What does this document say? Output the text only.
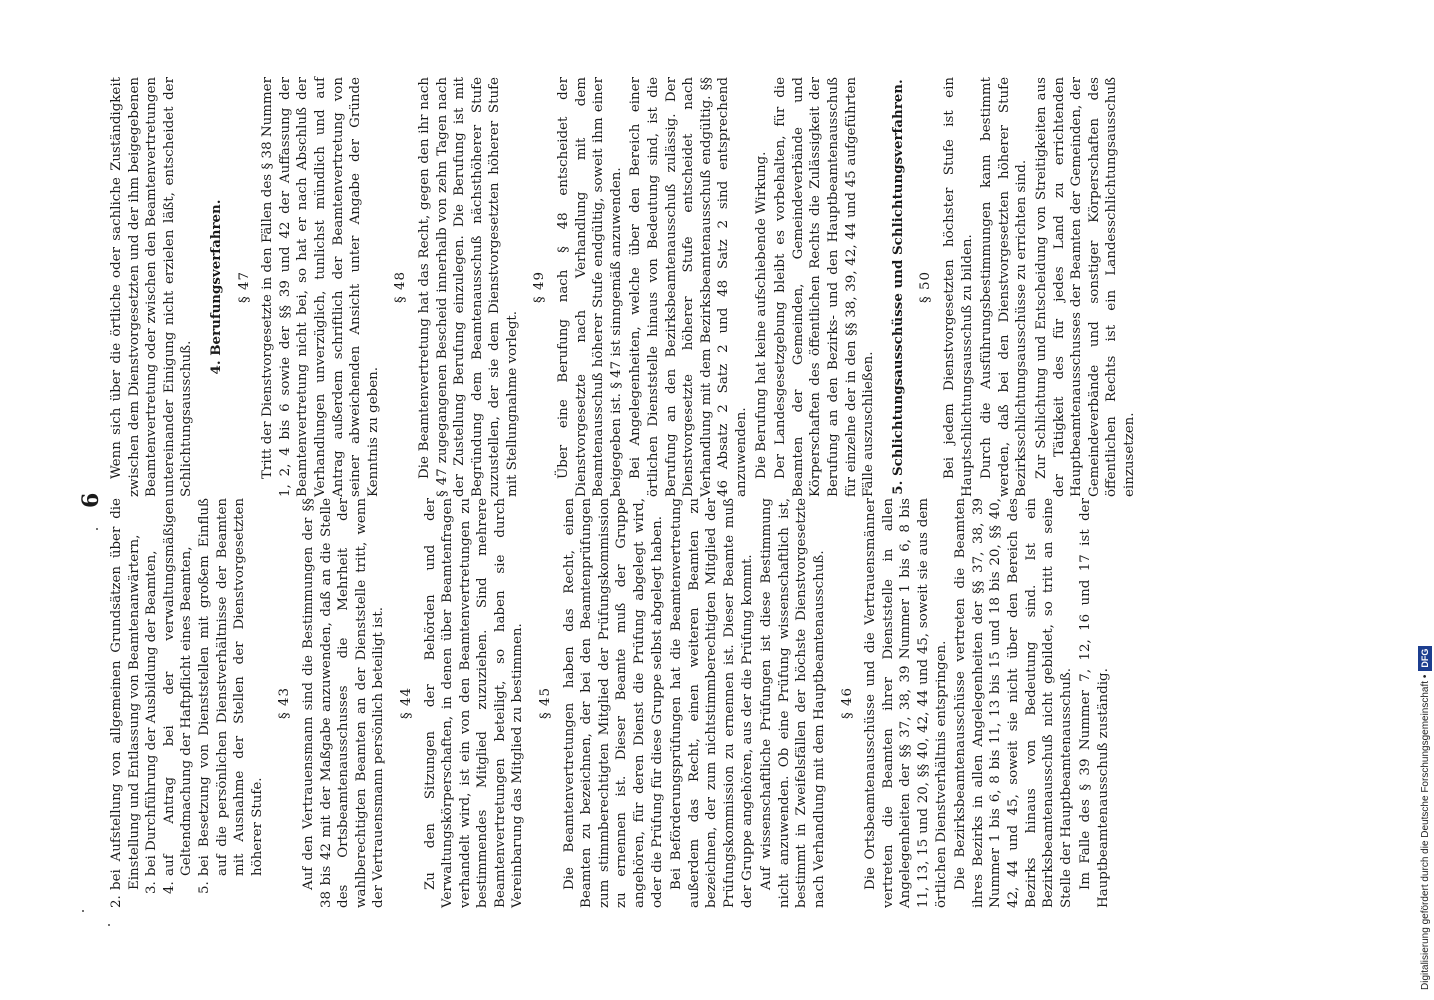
6
2.
bei Aufstellung von allgemeinen Grundsätzen über die Einstellung und Entlassung von Beamtenanwärtern, 3.
bei Durchführung der Ausbildung der Beamten,
4.
auf Antrag bei der verwaltungsmäßigen Geltendmachung der Haftpflicht eines Beamten,
5.
bei Besetzung von Dienststellen mit großem Einfluß auf die persönlichen Dienstverhältnisse der Beamten mit Ausnahme der Stellen der Dienstvorgesetzten höherer Stufe.
§ 43 Auf den Vertrauensmann sind die Bestimmungen der §§ 38 bis 42 mit der Maßgabe anzuwenden, daß an die Stelle des Ortsbeamtenausschusses die Mehrheit der wahlberechtigten Beamten an der Dienststelle tritt, wenn der Vertrauensmann persönlich beteiligt ist. § 44 Zu den Sitzungen der Behörden und der Verwaltungskörperschaften, in denen über Beamtenfragen verhandelt wird, ist ein von den Beamtenvertretungen zu bestimmendes Mitglied zuzuziehen. Sind mehrere Beamtenvertretungen beteiligt, so haben sie durch Vereinbarung das Mitglied zu bestimmen. § 45 Die Beamtenvertretungen haben das Recht, einen Beamten zu bezeichnen, der bei den Beamtenprüfungen zum stimmberechtigten Mitglied der Prüfungskommission zu ernennen ist. Dieser Beamte muß der Gruppe angehören, für deren Dienst die Prüfung abgelegt wird, oder die Prüfung für diese Gruppe selbst abgelegt haben. Bei Beförderungsprüfungen hat die Beamtenvertretung außerdem das Recht, einen weiteren Beamten zu bezeichnen, der zum nichtstimmberechtigten Mitglied der Prüfungskommission zu ernennen ist. Dieser Beamte muß der Gruppe angehören, aus der die Prüfung kommt. Auf wissenschaftliche Prüfungen ist diese Bestimmung nicht anzuwenden. Ob eine Prüfung wissenschaftlich ist, bestimmt in Zweifelsfällen der höchste Dienstvorgesetzte nach Verhandlung mit dem Hauptbeamtenausschuß. § 46 Die Ortsbeamtenausschüsse und die Vertrauensmänner vertreten die Beamten ihrer Dienststelle in allen Angelegenheiten der §§ 37, 38, 39 Nummer 1 bis 6, 8 bis 11, 13, 15 und 20, §§ 40, 42, 44 und 45, soweit sie aus dem örtlichen Dienstverhältnis entspringen. Die Bezirksbeamtenausschüsse vertreten die Beamten ihres Bezirks in allen Angelegenheiten der §§ 37, 38, 39 Nummer 1 bis 6, 8 bis 11, 13 bis 15 und 18 bis 20, §§ 40, 42, 44 und 45, soweit sie nicht über den Bereich des Bezirks hinaus von Bedeutung sind. Ist ein Bezirksbeamtenausschuß nicht gebildet, so tritt an seine Stelle der Hauptbeamtenausschuß. Im Falle des § 39 Nummer 7, 12, 16 und 17 ist der Hauptbeamtenausschuß zuständig.

Wenn sich über die örtliche oder sachliche Zuständigkeit zwischen dem Dienstvorgesetzten und der ihm beigegebenen Beamtenvertretung oder zwischen den Beamtenvertretungen untereinander Einigung nicht erzielen läßt, entscheidet der Schlichtungsausschuß.

4. Berufungsverfahren. § 47 Tritt der Dienstvorgesetzte in den Fällen des § 38 Nummer 1, 2, 4 bis 6 sowie der §§ 39 und 42 der Auffassung der Beamtenvertretung nicht bei, so hat er nach Abschluß der Verhandlungen unverzüglich, tunlichst mündlich und auf Antrag außerdem schriftlich der Beamtenvertretung von seiner abweichenden Ansicht unter Angabe der Gründe Kenntnis zu geben.

§ 48 Die Beamtenvertretung hat das Recht, gegen den ihr nach § 47 zugegangenen Bescheid innerhalb von zehn Tagen nach der Zustellung Berufung einzulegen. Die Berufung ist mit Begründung dem Beamtenausschuß nächsthöherer Stufe zuzustellen, der sie dem Dienstvorgesetzten höherer Stufe mit Stellungnahme vorlegt.

§ 49 Über eine Berufung nach § 48 entscheidet der Dienstvorgesetzte nach Verhandlung mit dem Beamtenausschuß höherer Stufe endgültig, soweit ihm einer beigegeben ist. § 47 ist sinngemäß anzuwenden. Bei Angelegenheiten, welche über den Bereich einer örtlichen Dienststelle hinaus von Bedeutung sind, ist die Berufung an den Bezirksbeamtenausschuß zulässig. Der Dienstvorgesetzte höherer Stufe entscheidet nach Verhandlung mit dem Bezirksbeamtenausschuß endgültig. §§ 46 Absatz 2 Satz 2 und 48 Satz 2 sind entsprechend anzuwenden. Die Berufung hat keine aufschiebende Wirkung. Der Landesgesetzgebung bleibt es vorbehalten, für die Beamten der Gemeinden, Gemeindeverbände und Körperschaften des öffentlichen Rechts die Zulässigkeit der Berufung an den Bezirks- und den Hauptbeamtenausschuß für einzelne der in den §§ 38, 39, 42, 44 und 45 aufgeführten Fälle auszuschließen. 5. Schlichtungsausschüsse und Schlichtungsverfahren. § 50 Bei jedem Dienstvorgesetzten höchster Stufe ist ein Hauptschlichtungsausschuß zu bilden. Durch die Ausführungsbestimmungen kann bestimmt werden, daß bei den Dienstvorgesetzten höherer Stufe Bezirksschlichtungsausschüsse zu errichten sind. Zur Schlichtung und Entscheidung von Streitigkeiten aus der Tätigkeit des für jedes Land zu errichtenden Hauptbeamtenausschusses der Beamten der Gemeinden, der Gemeindeverbände und sonstiger Körperschaften des öffentlichen Rechts ist ein Landesschlichtungsausschuß einzusetzen.

Digitalisierung gefördert durch die Deutsche Forschungsgemeinschaft •DFG
